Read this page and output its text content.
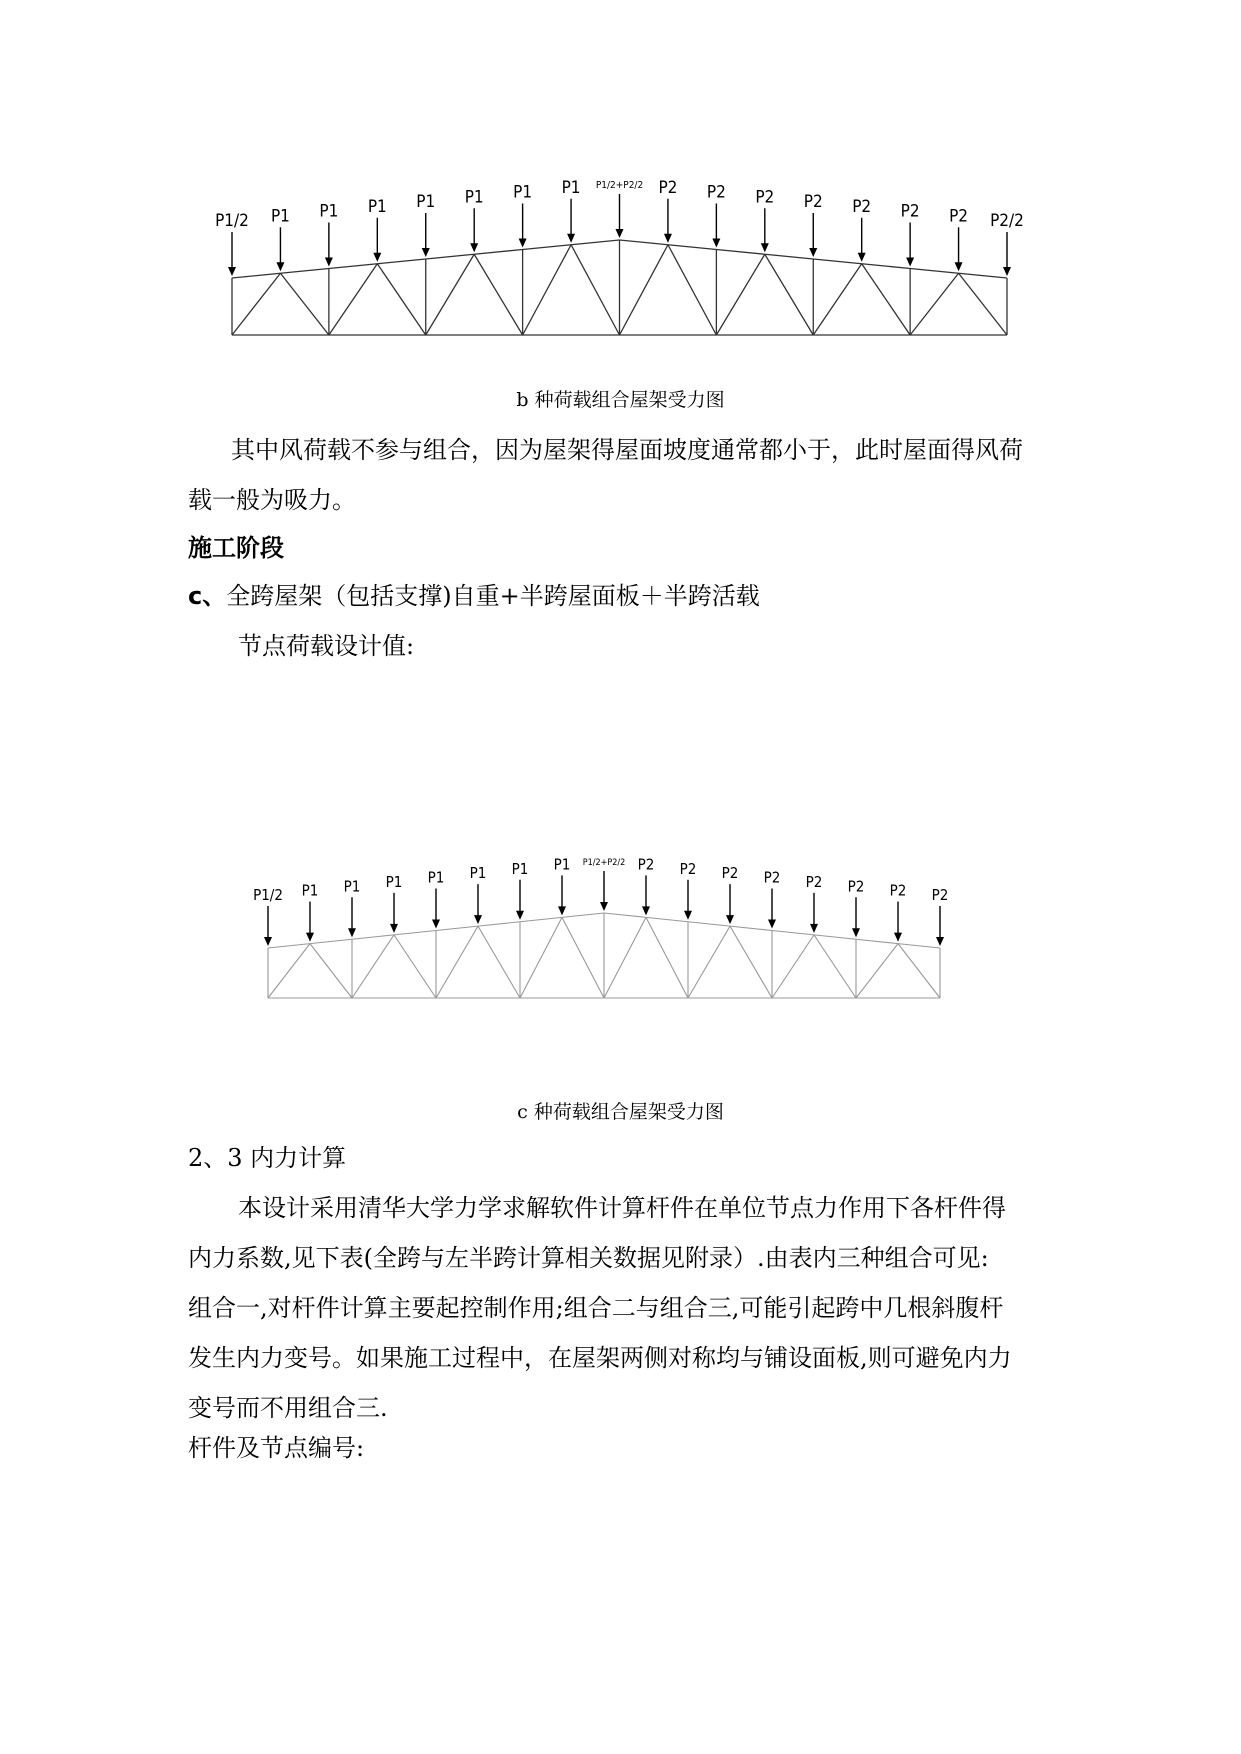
P1/2 P1 P1 P1 P1 P1 P1 P1 P1/2+P2/2 P2 P2 P2 P2 P2 P2 P2 P2/2
b 种荷载组合屋架受力图
其中风荷载不参与组合，因为屋架得屋面坡度通常都小于，此时屋面得风荷
载一般为吸力。
施工阶段
c、全跨屋架（包括支撑)自重+半跨屋面板＋半跨活载
节点荷载设计值:
P1/2 P1 P1 P1 P1 P1 P1 P1 P1/2+P2/2 P2 P2 P2 P2 P2 P2 P2 P2
c 种荷载组合屋架受力图
2、3 内力计算
本设计采用清华大学力学求解软件计算杆件在单位节点力作用下各杆件得
内力系数,见下表(全跨与左半跨计算相关数据见附录）.由表内三种组合可见:
组合一,对杆件计算主要起控制作用;组合二与组合三,可能引起跨中几根斜腹杆
发生内力变号。如果施工过程中，在屋架两侧对称均与铺设面板,则可避免内力
变号而不用组合三.
杆件及节点编号:
